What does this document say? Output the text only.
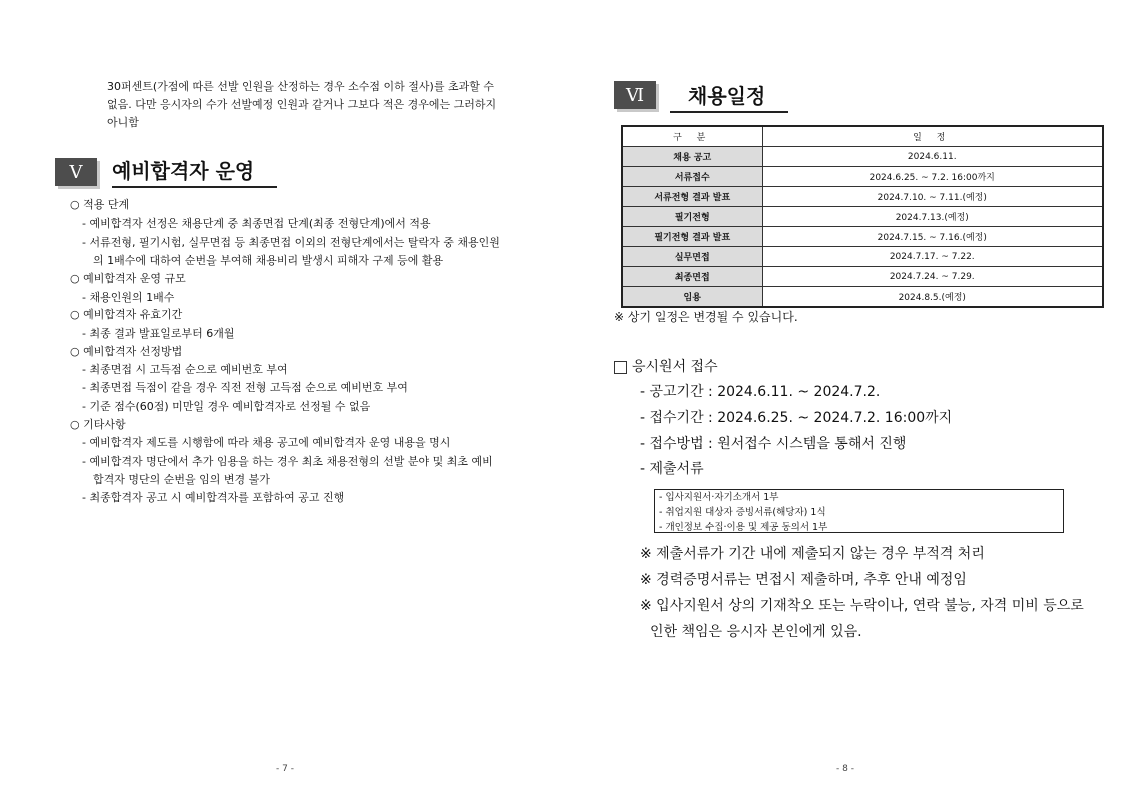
30퍼센트(가점에 따른 선발 인원을 산정하는 경우 소수점 이하 절사)를 초과할 수
없음. 다만 응시자의 수가 선발예정 인원과 같거나 그보다 적은 경우에는 그러하지
아니함
Ⅴ	예비합격자 운영
○ 적용 단계
- 예비합격자 선정은 채용단계 중 최종면접 단계(최종 전형단계)에서 적용
- 서류전형, 필기시험, 실무면접 등 최종면접 이외의 전형단계에서는 탈락자 중 채용인원
의 1배수에 대하여 순번을 부여해 채용비리 발생시 피해자 구제 등에 활용
○ 예비합격자 운영 규모
- 채용인원의 1배수
○ 예비합격자 유효기간
- 최종 결과 발표일로부터 6개월
○ 예비합격자 선정방법
- 최종면접 시 고득점 순으로 예비번호 부여
- 최종면접 득점이 같을 경우 직전 전형 고득점 순으로 예비번호 부여
- 기준 점수(60점) 미만일 경우 예비합격자로 선정될 수 없음
○ 기타사항
- 예비합격자 제도를 시행함에 따라 채용 공고에 예비합격자 운영 내용을 명시
- 예비합격자 명단에서 추가 임용을 하는 경우 최초 채용전형의 선발 분야 및 최초 예비
합격자 명단의 순번을 임의 변경 불가
- 최종합격자 공고 시 예비합격자를 포함하여 공고 진행
- 7 -
Ⅵ	채용일정
구 분	일 정
채용 공고	2024.6.11.
서류접수	2024.6.25. ~ 7.2. 16:00까지
서류전형 결과 발표	2024.7.10. ~ 7.11.(예정)
필기전형	2024.7.13.(예정)
필기전형 결과 발표	2024.7.15. ~ 7.16.(예정)
실무면접	2024.7.17. ~ 7.22.
최종면접	2024.7.24. ~ 7.29.
임용	2024.8.5.(예정)
※ 상기 일정은 변경될 수 있습니다.
응시원서 접수
- 공고기간 : 2024.6.11. ~ 2024.7.2.
- 접수기간 : 2024.6.25. ~ 2024.7.2. 16:00까지
- 접수방법 : 원서접수 시스템을 통해서 진행
- 제출서류
- 입사지원서·자기소개서 1부
- 취업지원 대상자 증빙서류(해당자) 1식
- 개인정보 수집·이용 및 제공 동의서 1부
※ 제출서류가 기간 내에 제출되지 않는 경우 부적격 처리
※ 경력증명서류는 면접시 제출하며, 추후 안내 예정임
※ 입사지원서 상의 기재착오 또는 누락이나, 연락 불능, 자격 미비 등으로
인한 책임은 응시자 본인에게 있음.
- 8 -
